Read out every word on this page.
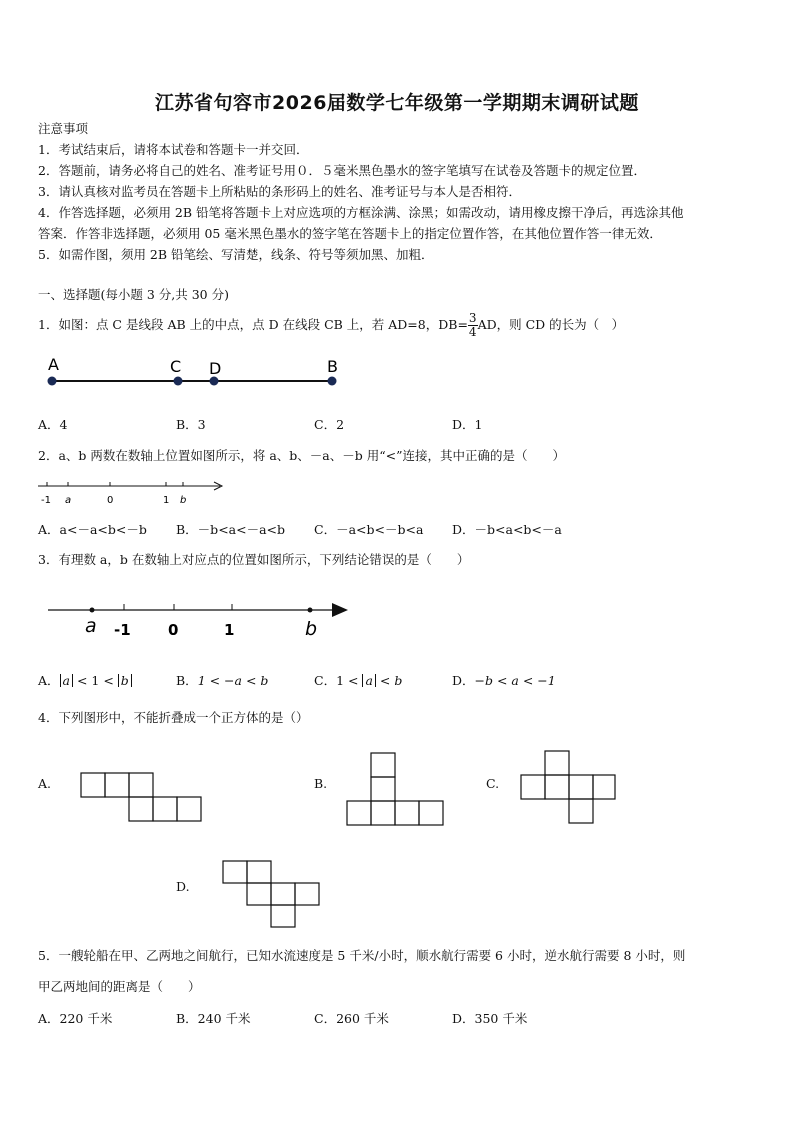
江苏省句容市2026届数学七年级第一学期期末调研试题
注意事项
1．考试结束后，请将本试卷和答题卡一并交回．
2．答题前，请务必将自己的姓名、准考证号用０．５毫米黑色墨水的签字笔填写在试卷及答题卡的规定位置．
3．请认真核对监考员在答题卡上所粘贴的条形码上的姓名、准考证号与本人是否相符．
4．作答选择题，必须用 2B 铅笔将答题卡上对应选项的方框涂满、涂黑；如需改动，请用橡皮擦干净后，再选涂其他
答案．作答非选择题，必须用 05 毫米黑色墨水的签字笔在答题卡上的指定位置作答，在其他位置作答一律无效．
5．如需作图，须用 2B 铅笔绘、写清楚，线条、符号等须加黑、加粗．
一、选择题(每小题 3 分,共 30 分)
1．如图：点 C 是线段 AB 上的中点，点 D 在线段 CB 上，若 AD=8，$DB= \frac{3}{4}$ AD，则 CD 的长为（　）
A	C D	B
A．4	B．3	C．2	D．1
2．a、b 两数在数轴上位置如图所示，将 a、b、－a、－b 用“<”连接，其中正确的是（　　）
-1 a	0	1 b
A．a<－a<b<－b B．－b<a<－a<b C．－a<b<－b<a D．－b<a<b<－a
3．有理数 a，b 在数轴上对应点的位置如图所示，下列结论错误的是（　　）
a -1 0	1	b
A． a < 1 < b	B．1 < −a < b	C．1 < a < b	D．−b < a < −1
4．下列图形中，不能折叠成一个正方体的是（）
A.	B.	C.
D.
5．一艘轮船在甲、乙两地之间航行，已知水流速度是 5 千米/小时，顺水航行需要 6 小时，逆水航行需要 8 小时，则
甲乙两地间的距离是（　　）
A．220 千米	B．240 千米	C．260 千米	D．350 千米
